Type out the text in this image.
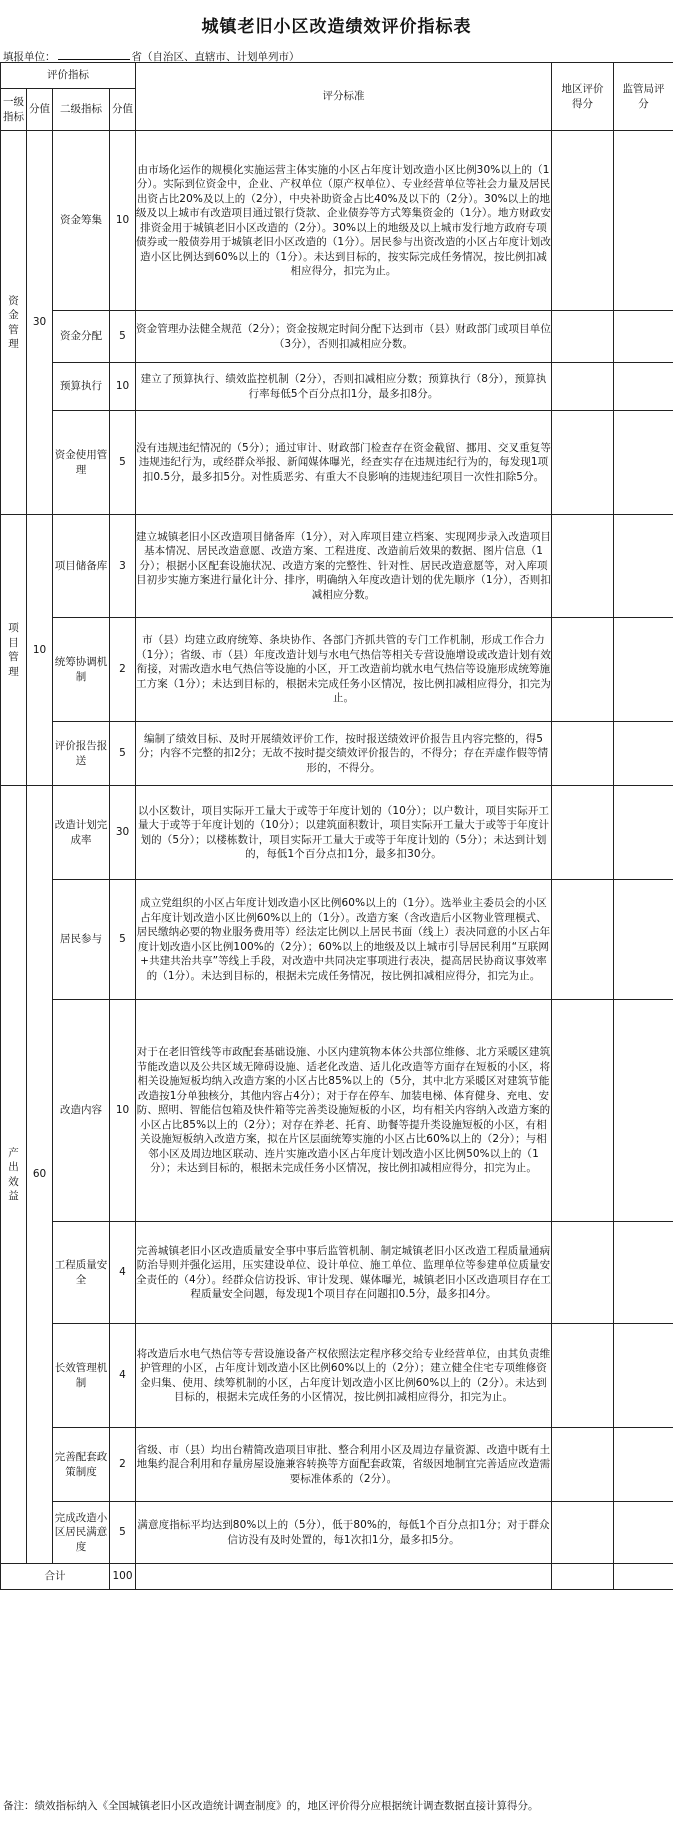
城镇老旧小区改造绩效评价指标表
填报单位：	省（自治区、直辖市、计划单列市）
评价指标				评分标准	地区评价得分	监管局评分
一级指标	分值	二级指标	分值			

资金管理	30	资金筹集	10	由市场化运作的规模化实施运营主体实施的小区占年度计划改造小区比例30%以上的（1分）。实际到位资金中，企业、产权单位（原产权单位）、专业经营单位等社会力量及居民出资占比20%及以上的（2分），中央补助资金占比40%及以下的（2分）。30%以上的地级及以上城市有改造项目通过银行贷款、企业债券等方式筹集资金的（1分）。地方财政安排资金用于城镇老旧小区改造的（2分）。30%以上的地级及以上城市发行地方政府专项债券或一般债券用于城镇老旧小区改造的（1分）。居民参与出资改造的小区占年度计划改造小区比例达到60%以上的（1分）。未达到目标的，按实际完成任务情况，按比例扣减相应得分，扣完为止。		
		资金分配	5	资金管理办法健全规范（2分）；资金按规定时间分配下达到市（县）财政部门或项目单位（3分），否则扣减相应分数。		
		预算执行	10	建立了预算执行、绩效监控机制（2分），否则扣减相应分数；预算执行（8分），预算执行率每低5个百分点扣1分，最多扣8分。		
		资金使用管理	5	没有违规违纪情况的（5分）；通过审计、财政部门检查存在资金截留、挪用、交叉重复等违规违纪行为，或经群众举报、新闻媒体曝光，经查实存在违规违纪行为的，每发现1项扣0.5分，最多扣5分。对性质恶劣、有重大不良影响的违规违纪项目一次性扣除5分。		

项目管理	10	项目储备库	3	建立城镇老旧小区改造项目储备库（1分），对入库项目建立档案、实现网步录入改造项目基本情况、居民改造意愿、改造方案、工程进度、改造前后效果的数据、图片信息（1分）；根据小区配套设施状况、改造方案的完整性、针对性、居民改造意愿等，对入库项目初步实施方案进行量化计分、排序，明确纳入年度改造计划的优先顺序（1分），否则扣减相应分数。		
		统筹协调机制	2	市（县）均建立政府统筹、条块协作、各部门齐抓共管的专门工作机制，形成工作合力（1分）；省级、市（县）年度改造计划与水电气热信等相关专营设施增设或改造计划有效衔接，对需改造水电气热信等设施的小区，开工改造前均就水电气热信等设施形成统筹施工方案（1分）；未达到目标的，根据未完成任务小区情况，按比例扣减相应得分，扣完为止。		
		评价报告报送	5	编制了绩效目标、及时开展绩效评价工作，按时报送绩效评价报告且内容完整的，得5分；内容不完整的扣2分；无故不按时提交绩效评价报告的，不得分；存在弄虚作假等情形的，不得分。		

产出效益	60	改造计划完成率	30	以小区数计，项目实际开工量大于或等于年度计划的（10分）；以户数计，项目实际开工量大于或等于年度计划的（10分）；以建筑面积数计，项目实际开工量大于或等于年度计划的（5分）；以楼栋数计，项目实际开工量大于或等于年度计划的（5分）；未达到计划的，每低1个百分点扣1分，最多扣30分。		
		居民参与	5	成立党组织的小区占年度计划改造小区比例60%以上的（1分）。选举业主委员会的小区占年度计划改造小区比例60%以上的（1分）。改造方案（含改造后小区物业管理模式、居民缴纳必要的物业服务费用等）经法定比例以上居民书面（线上）表决同意的小区占年度计划改造小区比例100%的（2分）；60%以上的地级及以上城市引导居民利用“互联网+共建共治共享”等线上手段，对改造中共同决定事项进行表决，提高居民协商议事效率的（1分）。未达到目标的，根据未完成任务情况，按比例扣减相应得分，扣完为止。		
		改造内容	10	对于在老旧管线等市政配套基础设施、小区内建筑物本体公共部位维修、北方采暖区建筑节能改造以及公共区域无障碍设施、适老化改造、适儿化改造等方面存在短板的小区，将相关设施短板均纳入改造方案的小区占比85%以上的（5分，其中北方采暖区对建筑节能改造按1分单独核分，其他内容占4分）；对于存在停车、加装电梯、体育健身、充电、安防、照明、智能信包箱及快件箱等完善类设施短板的小区，均有相关内容纳入改造方案的小区占比85%以上的（2分）；对存在养老、托育、助餐等提升类设施短板的小区，有相关设施短板纳入改造方案，拟在片区层面统筹实施的小区占比60%以上的（2分）；与相邻小区及周边地区联动、连片实施改造小区占年度计划改造小区比例50%以上的（1分）；未达到目标的，根据未完成任务小区情况，按比例扣减相应得分，扣完为止。		
		工程质量安全	4	完善城镇老旧小区改造质量安全事中事后监管机制、制定城镇老旧小区改造工程质量通病防治导则并强化运用，压实建设单位、设计单位、施工单位、监理单位等参建单位质量安全责任的（4分）。经群众信访投诉、审计发现、媒体曝光，城镇老旧小区改造项目存在工程质量安全问题，每发现1个项目存在问题扣0.5分，最多扣4分。		
		长效管理机制	4	将改造后水电气热信等专营设施设备产权依照法定程序移交给专业经营单位，由其负责维护管理的小区，占年度计划改造小区比例60%以上的（2分）；建立健全住宅专项维修资金归集、使用、续筹机制的小区，占年度计划改造小区比例60%以上的（2分）。未达到目标的，根据未完成任务的小区情况，按比例扣减相应得分，扣完为止。		
		完善配套政策制度	2	省级、市（县）均出台精简改造项目审批、整合利用小区及周边存量资源、改造中既有土地集约混合利用和存量房屋设施兼容转换等方面配套政策，省级因地制宜完善适应改造需要标准体系的（2分）。		
		完成改造小区居民满意度	5	满意度指标平均达到80%以上的（5分），低于80%的，每低1个百分点扣1分；对于群众信访没有及时处置的，每1次扣1分，最多扣5分。		
合计			100			
备注：绩效指标纳入《全国城镇老旧小区改造统计调查制度》的，地区评价得分应根据统计调查数据直接计算得分。
